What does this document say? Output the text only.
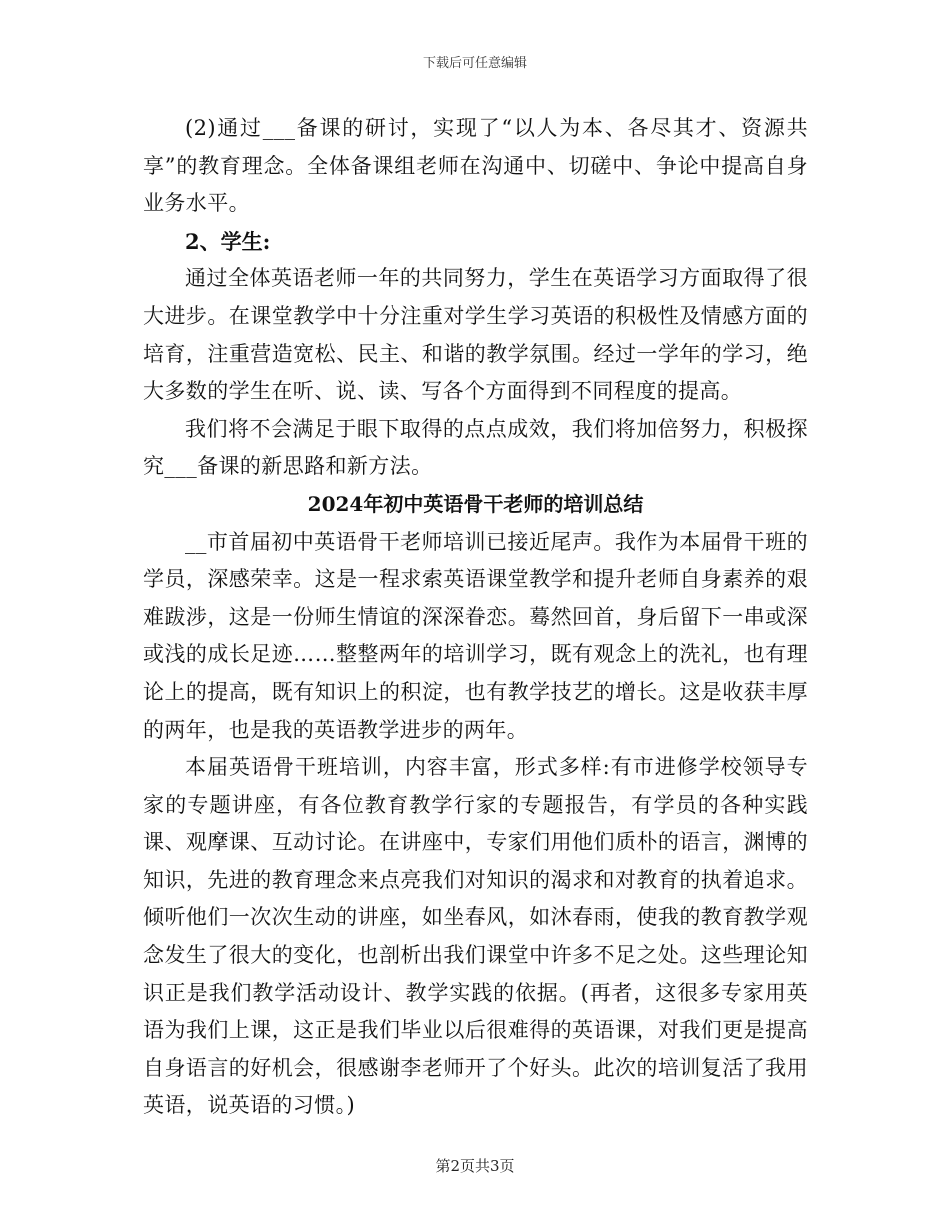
下载后可任意编辑

(2)通过___备课的研讨，实现了“以人为本、各尽其才、资源共享”的教育理念。全体备课组老师在沟通中、切磋中、争论中提高自身业务水平。

2、学生:

通过全体英语老师一年的共同努力，学生在英语学习方面取得了很大进步。在课堂教学中十分注重对学生学习英语的积极性及情感方面的培育，注重营造宽松、民主、和谐的教学氛围。经过一学年的学习，绝大多数的学生在听、说、读、写各个方面得到不同程度的提高。

我们将不会满足于眼下取得的点点成效，我们将加倍努力，积极探究___备课的新思路和新方法。

2024年初中英语骨干老师的培训总结

__市首届初中英语骨干老师培训已接近尾声。我作为本届骨干班的学员，深感荣幸。这是一程求索英语课堂教学和提升老师自身素养的艰难跋涉，这是一份师生情谊的深深眷恋。蓦然回首，身后留下一串或深或浅的成长足迹……整整两年的培训学习，既有观念上的洗礼，也有理论上的提高，既有知识上的积淀，也有教学技艺的增长。这是收获丰厚的两年，也是我的英语教学进步的两年。

本届英语骨干班培训，内容丰富，形式多样:有市进修学校领导专家的专题讲座，有各位教育教学行家的专题报告，有学员的各种实践课、观摩课、互动讨论。在讲座中，专家们用他们质朴的语言，渊博的知识，先进的教育理念来点亮我们对知识的渴求和对教育的执着追求。倾听他们一次次生动的讲座，如坐春风，如沐春雨，使我的教育教学观念发生了很大的变化，也剖析出我们课堂中许多不足之处。这些理论知识正是我们教学活动设计、教学实践的依据。(再者，这很多专家用英语为我们上课，这正是我们毕业以后很难得的英语课，对我们更是提高自身语言的好机会，很感谢李老师开了个好头。此次的培训复活了我用英语，说英语的习惯。)

第2页共3页
